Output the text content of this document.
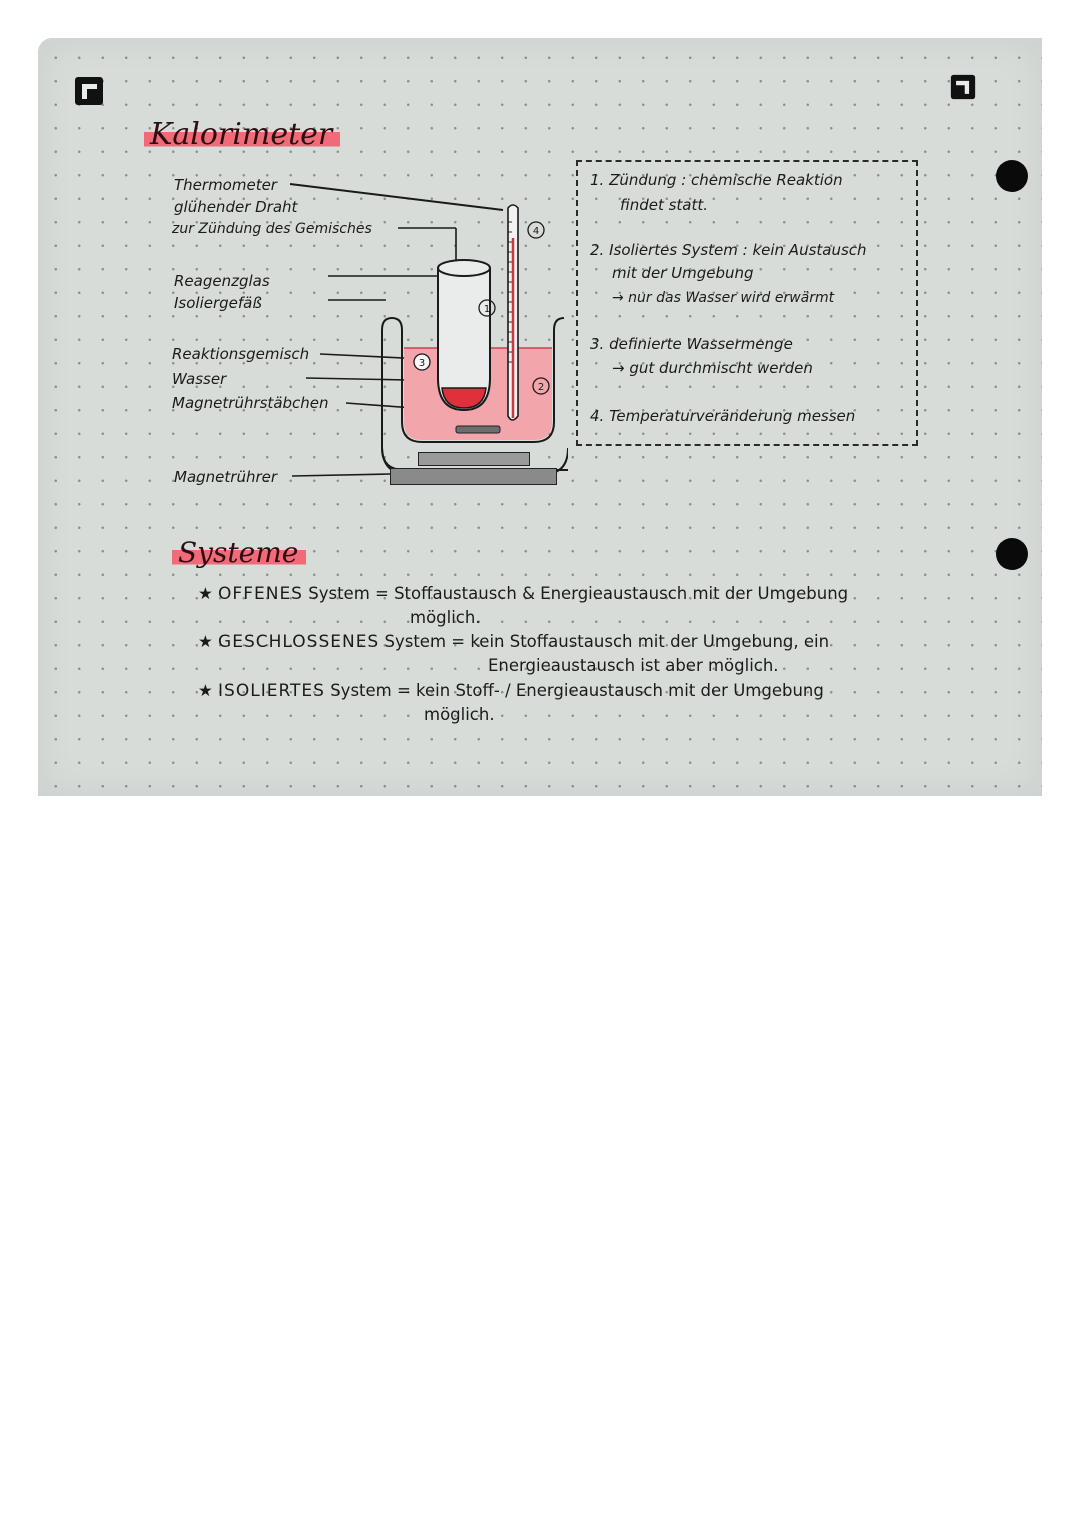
Kalorimeter
Thermometer
glühender Draht
zur Zündung des Gemisches
Reagenzglas
Isoliergefäß
Reaktionsgemisch
Wasser
Magnetrührstäbchen
Magnetrührer
1
2
3
4
1. Zündung : chemische Reaktion
findet statt.
2. Isoliertes System : kein Austausch
mit der Umgebung
→ nur das Wasser wird erwärmt
3. definierte Wassermenge
→ gut durchmischt werden
4. Temperaturveränderung messen
Systeme
★ OFFENES System = Stoffaustausch & Energieaustausch mit der Umgebung
möglich.
★ GESCHLOSSENES System = kein Stoffaustausch mit der Umgebung, ein
Energieaustausch ist aber möglich.
★ ISOLIERTES System = kein Stoff- / Energieaustausch mit der Umgebung
möglich.
